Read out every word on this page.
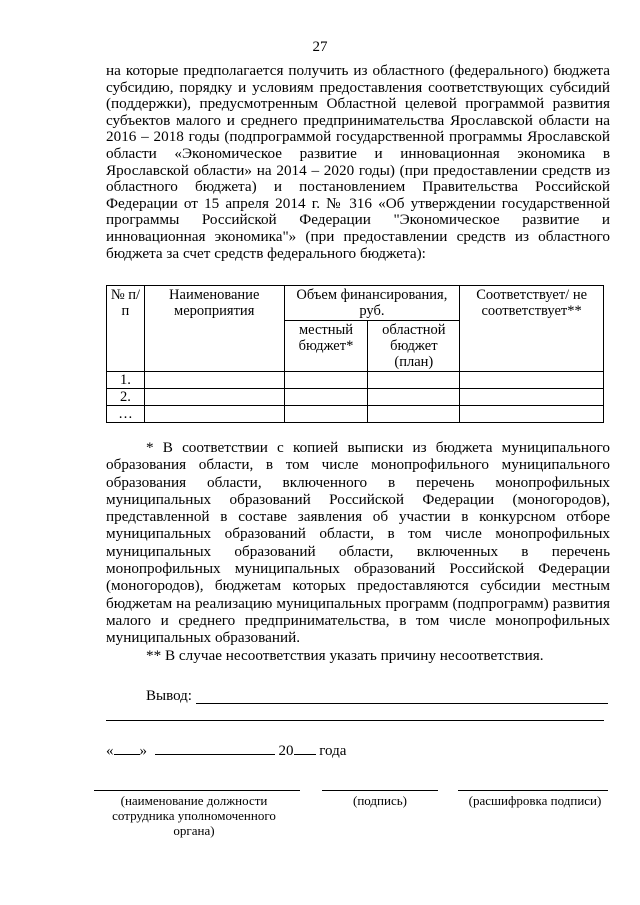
27

на которые предполагается получить из областного (федерального) бюджета субсидию, порядку и условиям предоставления соответствующих субсидий (поддержки), предусмотренным Областной целевой программой развития субъектов малого и среднего предпринимательства Ярославской области на 2016 – 2018 годы (подпрограммой государственной программы Ярославской области «Экономическое развитие и инновационная экономика в Ярославской области» на 2014 – 2020 годы) (при предоставлении средств из областного бюджета) и постановлением Правительства Российской Федерации от 15 апреля 2014 г. № 316 «Об утверждении государственной программы Российской Федерации "Экономическое развитие и инновационная экономика"» (при предоставлении средств из областного бюджета за счет средств федерального бюджета):

№ п/п	Наименование мероприятия	Объем финансирования, руб.		Соответствует/ не соответствует**
		местный бюджет*	областной бюджет (план)	
1.				
2.				
…				

* В соответствии с копией выписки из бюджета муниципального образования области, в том числе монопрофильного муниципального образования области, включенного в перечень монопрофильных муниципальных образований Российской Федерации (моногородов), представленной в составе заявления об участии в конкурсном отборе муниципальных образований области, в том числе монопрофильных муниципальных образований области, включенных в перечень монопрофильных муниципальных образований Российской Федерации (моногородов), бюджетам которых предоставляются субсидии местным бюджетам на реализацию муниципальных программ (подпрограмм) развития малого и среднего предпринимательства, в том числе монопрофильных муниципальных образований.

** В случае несоответствия указать причину несоответствия.

Вывод:
« »	20 года
(наименование должности сотрудника уполномоченного органа)
(подпись)	(расшифровка подписи)
